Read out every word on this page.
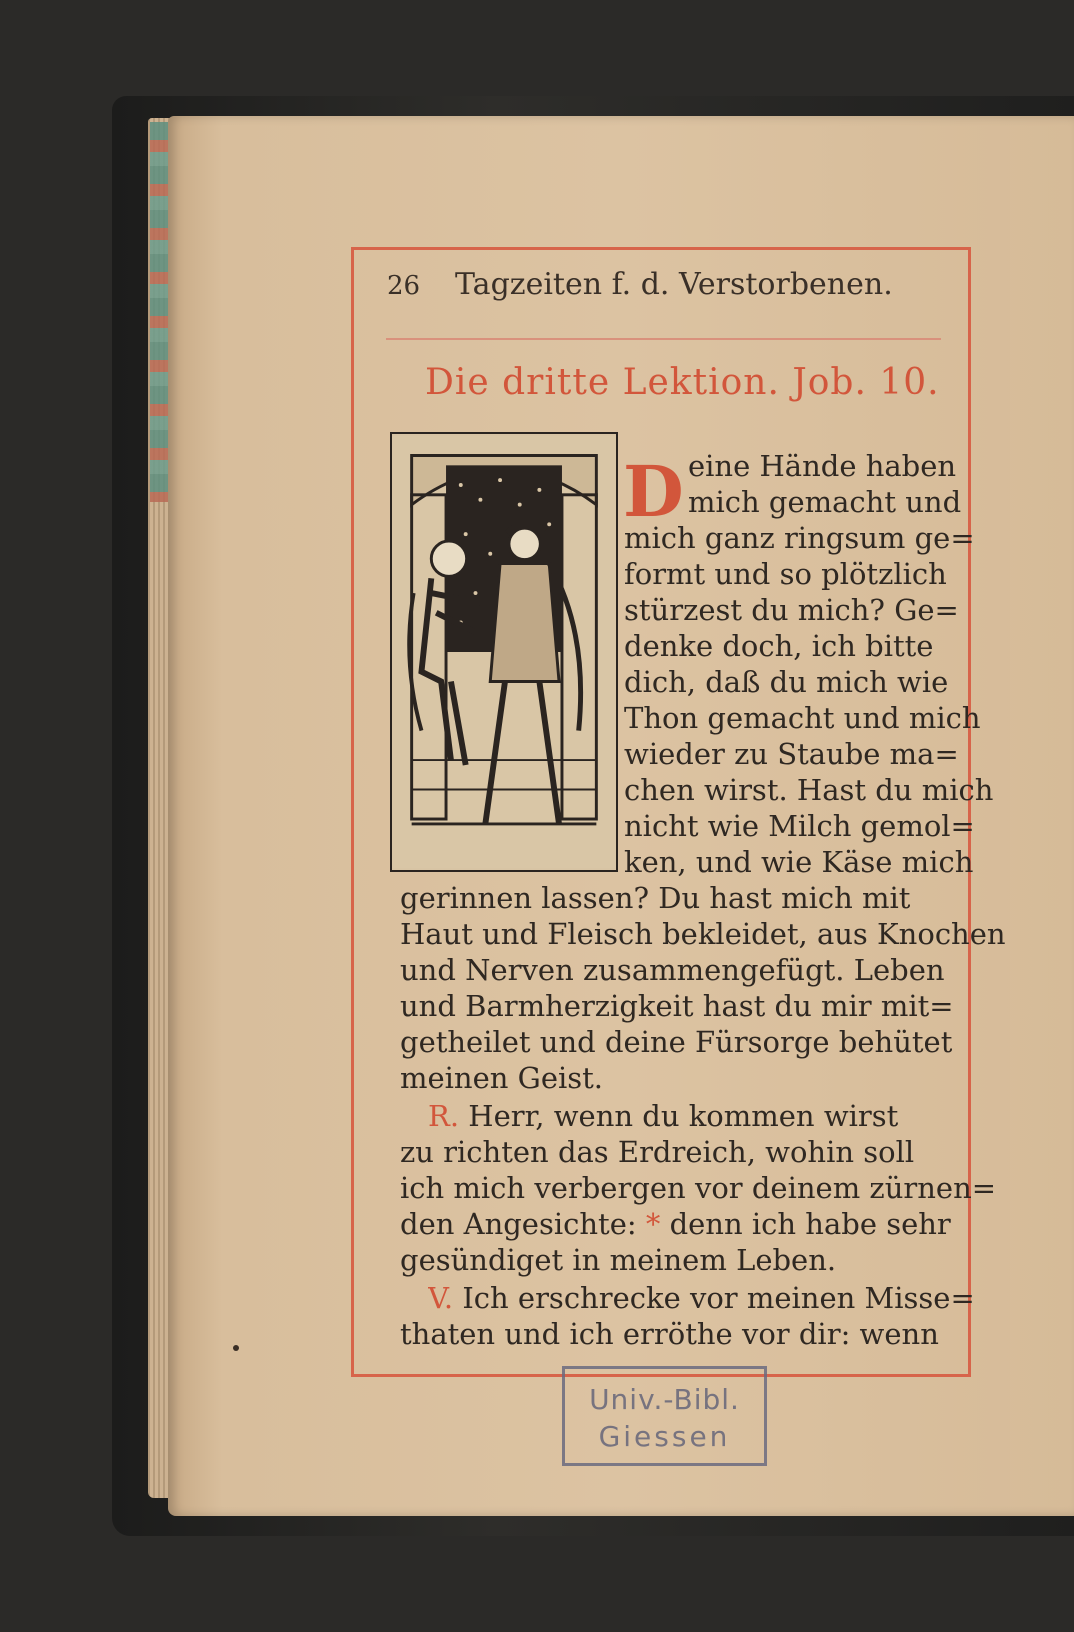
26 Tagzeiten f. d. Verstorbenen.
Die dritte Lektion. Job. 10.
D eine Hände haben
mich gemacht und
mich ganz ringsum ge=
formt und so plötzlich
stürzest du mich? Ge=
denke doch, ich bitte
dich, daß du mich wie
Thon gemacht und mich
wieder zu Staube ma=
chen wirst. Hast du mich
nicht wie Milch gemol=
ken, und wie Käse mich
gerinnen lassen? Du hast mich mit
Haut und Fleisch bekleidet, aus Knochen
und Nerven zusammengefügt. Leben
und Barmherzigkeit hast du mir mit=
getheilet und deine Fürsorge behütet
meinen Geist.
R. Herr, wenn du kommen wirst
zu richten das Erdreich, wohin soll
ich mich verbergen vor deinem zürnen=
den Angesichte: * denn ich habe sehr
gesündiget in meinem Leben.
V. Ich erschrecke vor meinen Misse=
thaten und ich erröthe vor dir: wenn
Univ.-Bibl.
Giessen
